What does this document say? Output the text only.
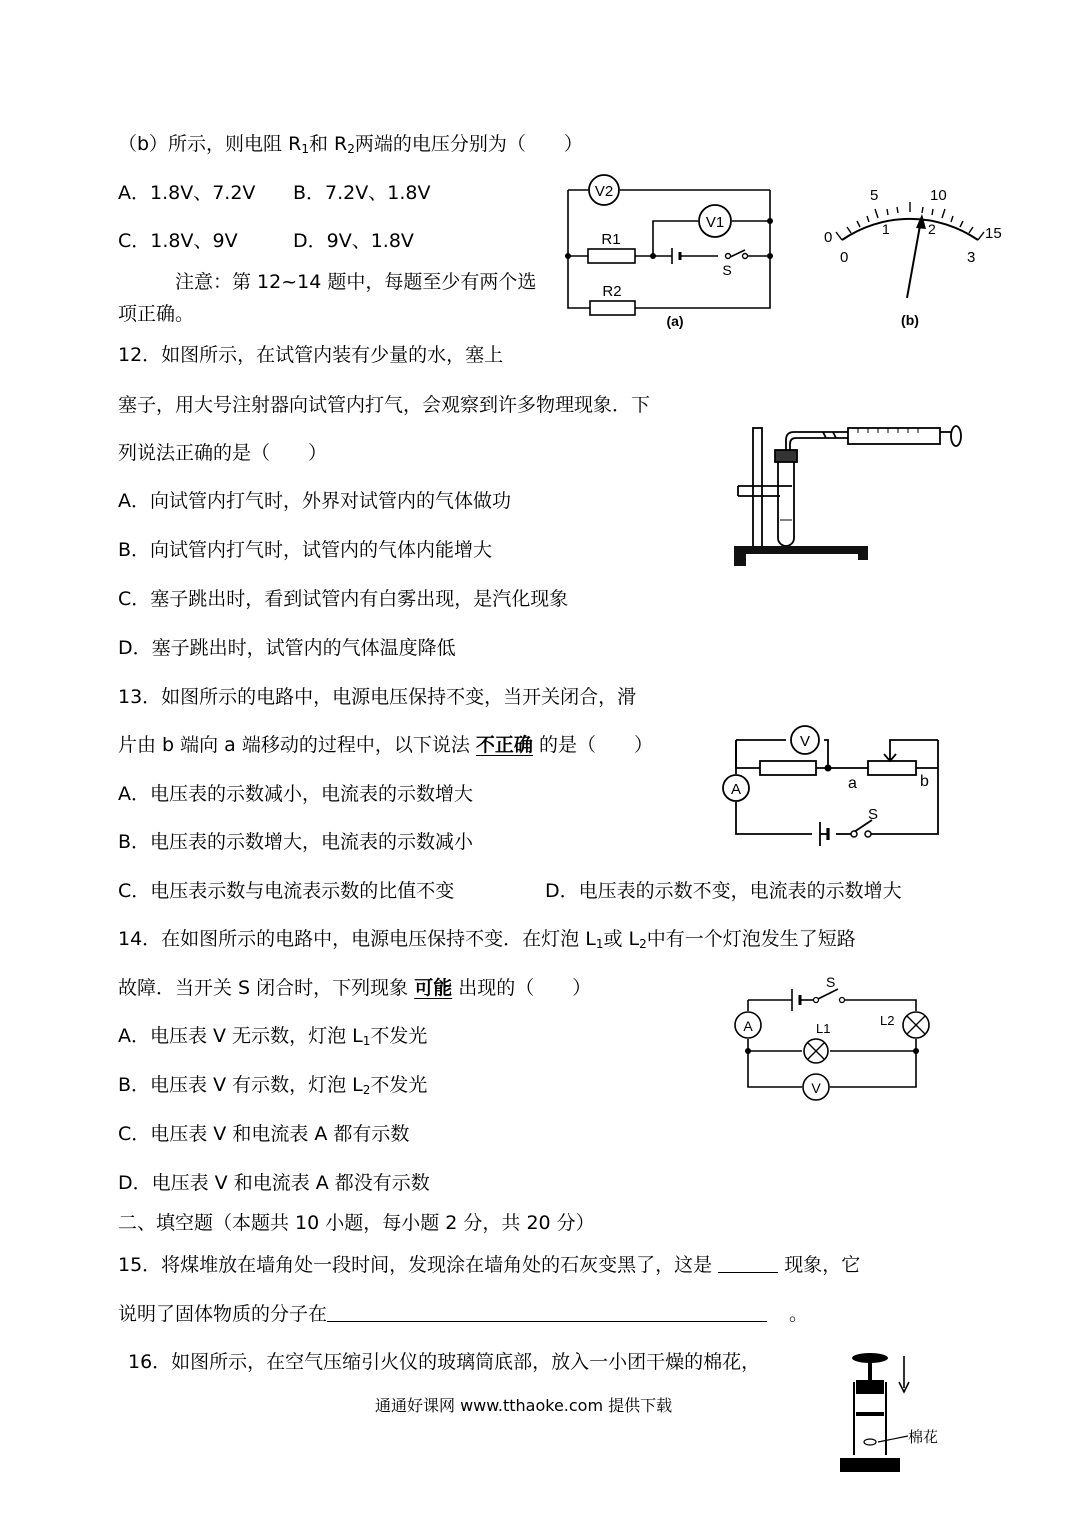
（b）所示，则电阻 $R_1$和 $R_2$两端的电压分别为（　　）
A．1.8V、7.2V B．7.2V、1.8V
C．1.8V、9V	D．9V、1.8V
注意：第 12~14 题中，每题至少有两个选
项正确。
V2
V1
R1
S
R2
(a)
0
5	10
15
0
1	2
3
(b)
12．如图所示，在试管内装有少量的水，塞上
塞子，用大号注射器向试管内打气，会观察到许多物理现象．下
列说法正确的是（　　）
A．向试管内打气时，外界对试管内的气体做功
B．向试管内打气时，试管内的气体内能增大
C．塞子跳出时，看到试管内有白雾出现，是汽化现象
D．塞子跳出时，试管内的气体温度降低
13．如图所示的电路中，电源电压保持不变，当开关闭合，滑
片由 b 端向 a 端移动的过程中，以下说法 不正确 的是（　　）
A．电压表的示数减小，电流表的示数增大
B．电压表的示数增大，电流表的示数减小
C．电压表示数与电流表示数的比值不变	D．电压表的示数不变，电流表的示数增大
V
a	b
A
S
14．在如图所示的电路中，电源电压保持不变．在灯泡 $L_1$或 $L_2$中有一个灯泡发生了短路
故障．当开关 S 闭合时，下列现象 可能 出现的（　　）
A．电压表 V 无示数，灯泡 $L_1$不发光
B．电压表 V 有示数，灯泡 $L_2$不发光
C．电压表 V 和电流表 A 都有示数
D．电压表 V 和电流表 A 都没有示数
S
A	L1
L2
V
二、填空题（本题共 10 小题，每小题 2 分，共 20 分）
15．将煤堆放在墙角处一段时间，发现涂在墙角处的石灰变黑了，这是	现象，它
说明了固体物质的分子在	。
16．如图所示，在空气压缩引火仪的玻璃筒底部，放入一小团干燥的棉花，
棉花
通通好课网 www.tthaoke.com 提供下载
